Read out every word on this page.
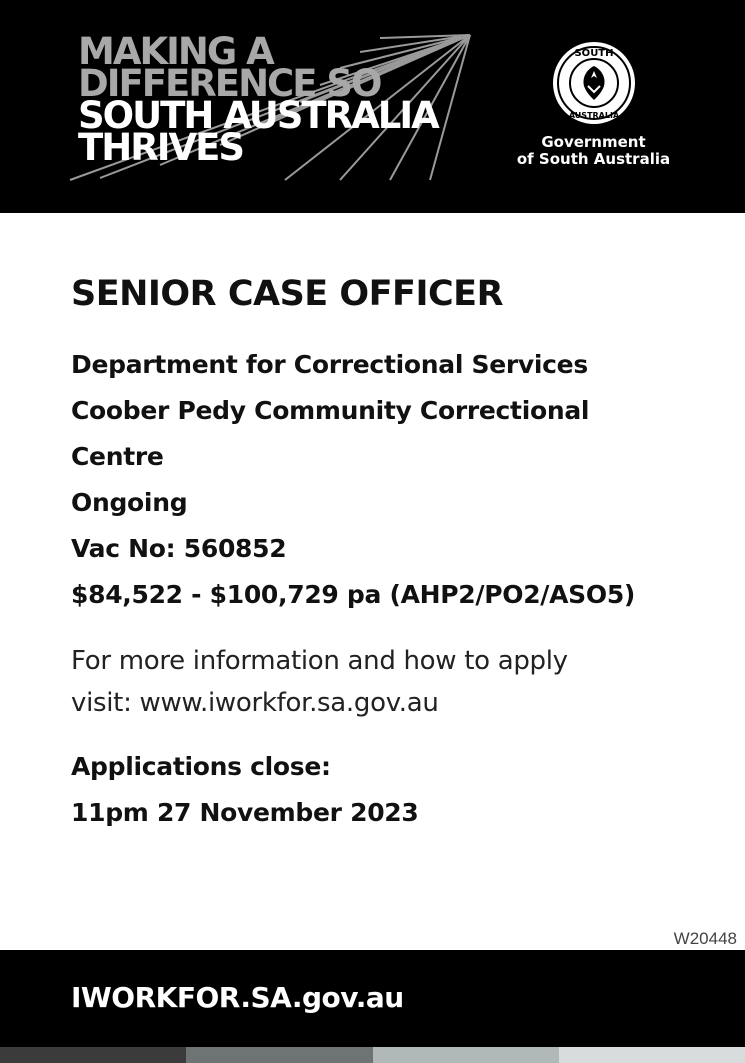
MAKING A
DIFFERENCE SO
SOUTH AUSTRALIA
THRIVES
SOUTH
AUSTRALIA
Government
of South Australia
SENIOR CASE OFFICER
Department for Correctional Services
Coober Pedy Community Correctional
Centre
Ongoing
Vac No: 560852
$84,522 - $100,729 pa (AHP2/PO2/ASO5)
For more information and how to apply
visit: www.iworkfor.sa.gov.au
Applications close:
11pm 27 November 2023
W20448
IWORKFOR.SA.gov.au
